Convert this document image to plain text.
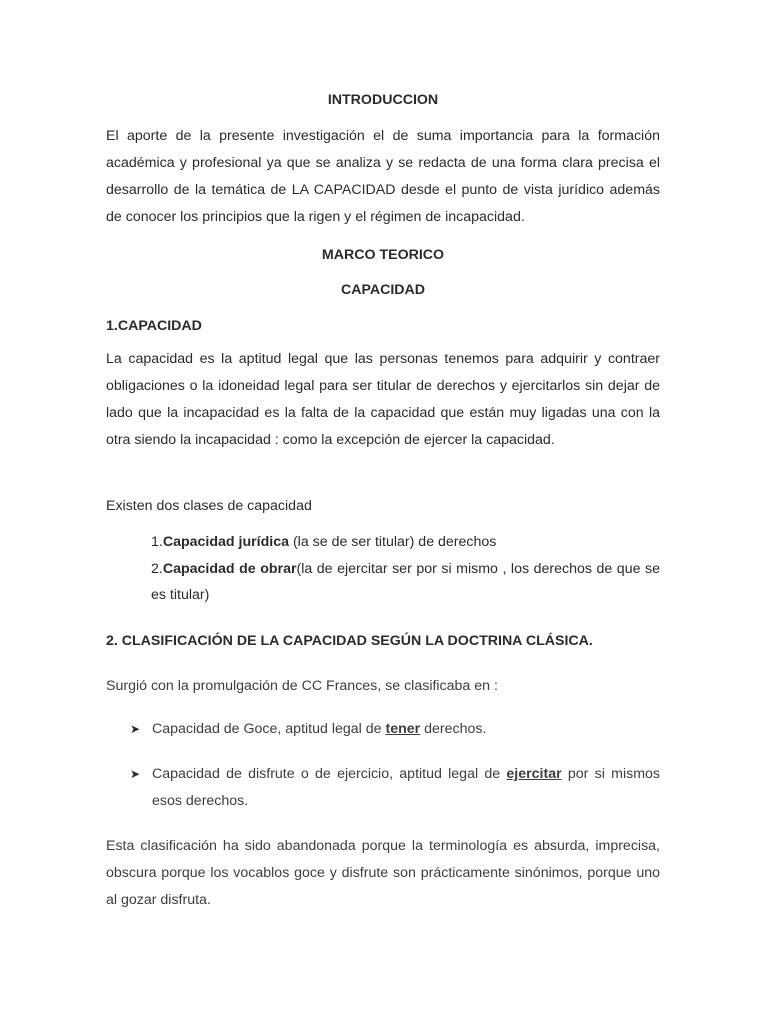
INTRODUCCION

El aporte de la presente investigación el de suma importancia para la formación académica y profesional ya que se analiza y se redacta de una forma clara precisa el desarrollo de la temática de LA CAPACIDAD desde el punto de vista jurídico además de conocer los principios que la rigen y el régimen de incapacidad.

MARCO TEORICO
CAPACIDAD
1.CAPACIDAD

La capacidad es la aptitud legal que las personas tenemos para adquirir y contraer obligaciones o la idoneidad legal para ser titular de derechos y ejercitarlos sin dejar de lado que la incapacidad es la falta de la capacidad que están muy ligadas una con la otra siendo la incapacidad : como la excepción de ejercer la capacidad.

Existen dos clases de capacidad

1.Capacidad jurídica (la se de ser titular) de derechos

2.Capacidad de obrar(la de ejercitar ser por si mismo , los derechos de que se es titular)

2. CLASIFICACIÓN DE LA CAPACIDAD SEGÚN LA DOCTRINA CLÁSICA.
Surgió con la promulgación de CC Frances, se clasificaba en :
➤ Capacidad de Goce, aptitud legal de tener derechos.
➤ Capacidad de disfrute o de ejercicio, aptitud legal de ejercitar por si mismos esos derechos.

Esta clasificación ha sido abandonada porque la terminología es absurda, imprecisa, obscura porque los vocablos goce y disfrute son prácticamente sinónimos, porque uno al gozar disfruta.
